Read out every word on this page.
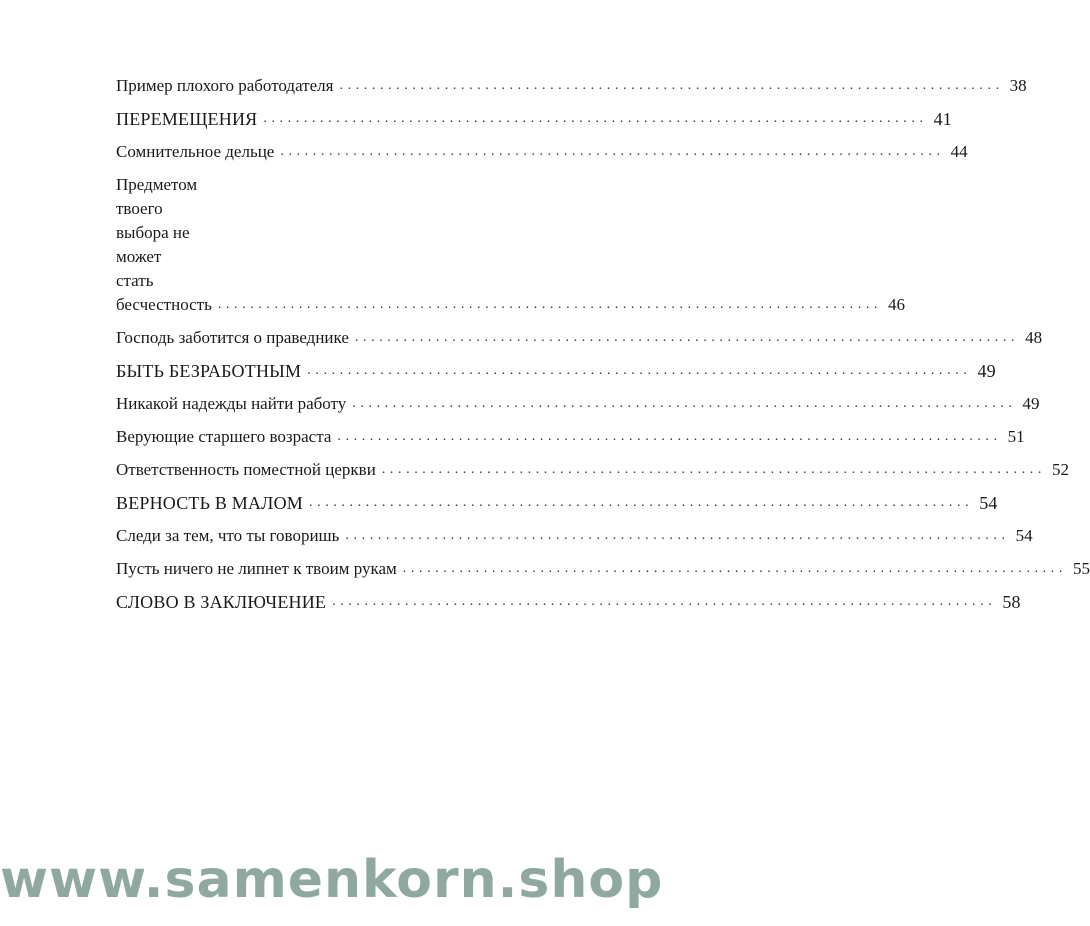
Пример плохого работодателя .................................................................................. 38
ПЕРЕМЕЩЕНИЯ .................................................................................. 41
Сомнительное дельце .................................................................................. 44
Предметом твоего выбора не может
стать бесчестность .................................................................................. 46
Господь заботится о праведнике .................................................................................. 48
БЫТЬ БЕЗРАБОТНЫМ .................................................................................. 49
Никакой надежды найти работу .................................................................................. 49
Верующие старшего возраста .................................................................................. 51
Ответственность поместной церкви .................................................................................. 52
ВЕРНОСТЬ В МАЛОМ .................................................................................. 54
Следи за тем, что ты говоришь .................................................................................. 54
Пусть ничего не липнет к твоим рукам .................................................................................. 55
СЛОВО В ЗАКЛЮЧЕНИЕ .................................................................................. 58
www.samenkorn.shop
